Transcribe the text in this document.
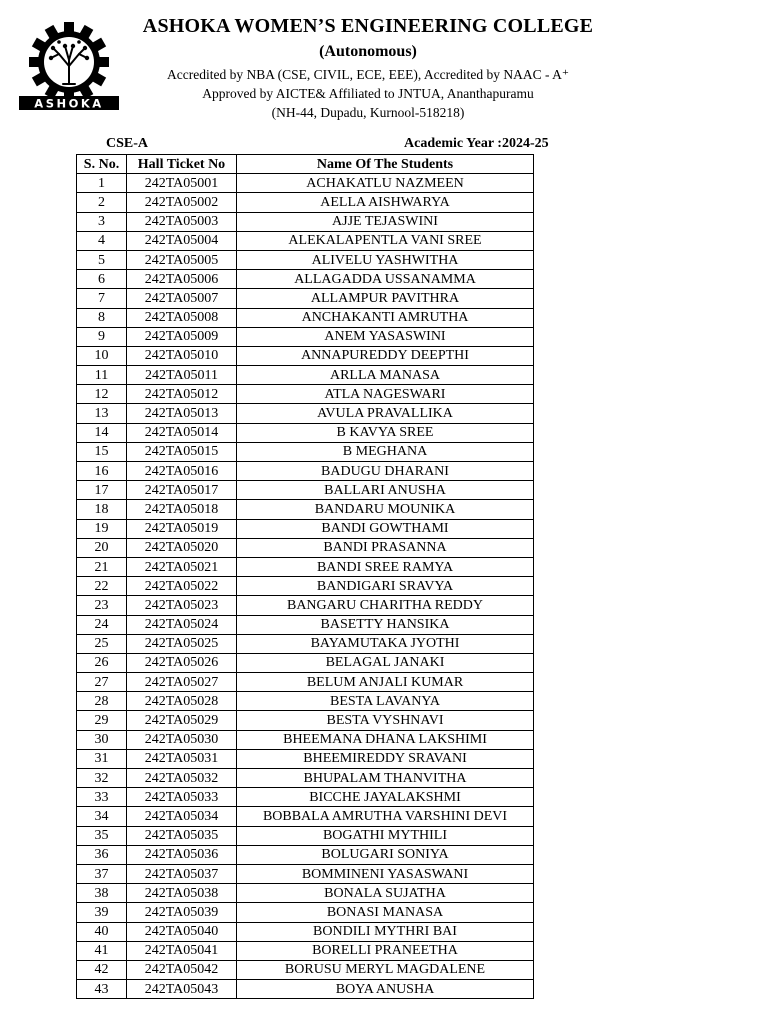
ASHOKA
ASHOKA WOMEN’S ENGINEERING COLLEGE
(Autonomous)
Accredited by NBA (CSE, CIVIL, ECE, EEE), Accredited by NAAC - A⁺
Approved by AICTE& Affiliated to JNTUA, Ananthapuramu
(NH-44, Dupadu, Kurnool-518218)
CSE-A	Academic Year :2024-25
S. No.	Hall Ticket No	Name Of The Students
1	242TA05001	ACHAKATLU NAZMEEN
2	242TA05002	AELLA AISHWARYA
3	242TA05003	AJJE TEJASWINI
4	242TA05004	ALEKALAPENTLA VANI SREE
5	242TA05005	ALIVELU YASHWITHA
6	242TA05006	ALLAGADDA USSANAMMA
7	242TA05007	ALLAMPUR PAVITHRA
8	242TA05008	ANCHAKANTI AMRUTHA
9	242TA05009	ANEM YASASWINI
10	242TA05010	ANNAPUREDDY DEEPTHI
11	242TA05011	ARLLA MANASA
12	242TA05012	ATLA NAGESWARI
13	242TA05013	AVULA PRAVALLIKA
14	242TA05014	B KAVYA SREE
15	242TA05015	B MEGHANA
16	242TA05016	BADUGU DHARANI
17	242TA05017	BALLARI ANUSHA
18	242TA05018	BANDARU MOUNIKA
19	242TA05019	BANDI GOWTHAMI
20	242TA05020	BANDI PRASANNA
21	242TA05021	BANDI SREE RAMYA
22	242TA05022	BANDIGARI SRAVYA
23	242TA05023	BANGARU CHARITHA REDDY
24	242TA05024	BASETTY HANSIKA
25	242TA05025	BAYAMUTAKA JYOTHI
26	242TA05026	BELAGAL JANAKI
27	242TA05027	BELUM ANJALI KUMAR
28	242TA05028	BESTA LAVANYA
29	242TA05029	BESTA VYSHNAVI
30	242TA05030	BHEEMANA DHANA LAKSHIMI
31	242TA05031	BHEEMIREDDY SRAVANI
32	242TA05032	BHUPALAM THANVITHA
33	242TA05033	BICCHE JAYALAKSHMI
34	242TA05034	BOBBALA AMRUTHA VARSHINI DEVI
35	242TA05035	BOGATHI MYTHILI
36	242TA05036	BOLUGARI SONIYA
37	242TA05037	BOMMINENI YASASWANI
38	242TA05038	BONALA SUJATHA
39	242TA05039	BONASI MANASA
40	242TA05040	BONDILI MYTHRI BAI
41	242TA05041	BORELLI PRANEETHA
42	242TA05042	BORUSU MERYL MAGDALENE
43	242TA05043	BOYA ANUSHA
